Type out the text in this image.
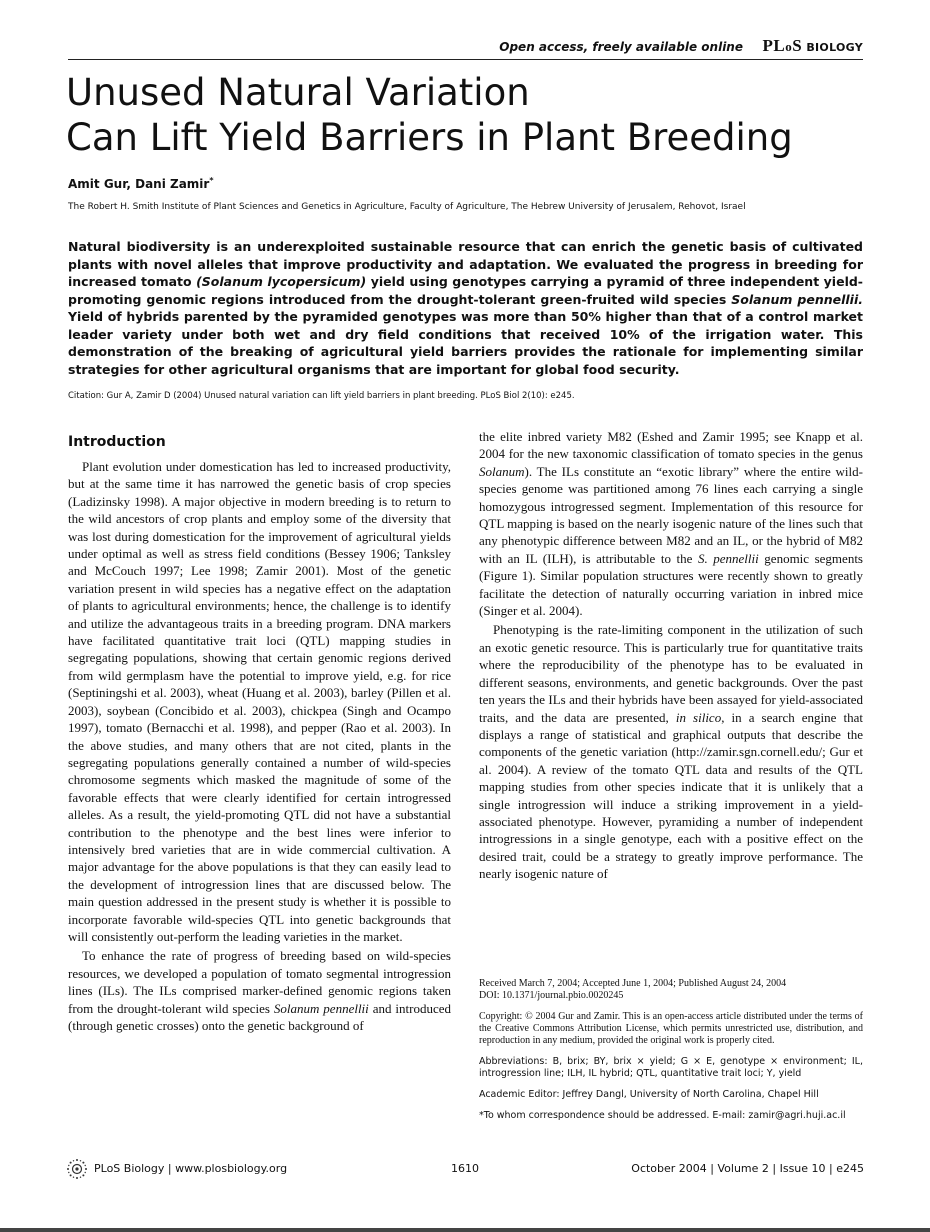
Open access, freely available online PLoS BIOLOGY
Unused Natural Variation
Can Lift Yield Barriers in Plant Breeding
Amit Gur, Dani Zamir*
The Robert H. Smith Institute of Plant Sciences and Genetics in Agriculture, Faculty of Agriculture, The Hebrew University of Jerusalem, Rehovot, Israel

Natural biodiversity is an underexploited sustainable resource that can enrich the genetic basis of cultivated plants with novel alleles that improve productivity and adaptation. We evaluated the progress in breeding for increased tomato (Solanum lycopersicum) yield using genotypes carrying a pyramid of three independent yield-promoting genomic regions introduced from the drought-tolerant green-fruited wild species Solanum pennellii. Yield of hybrids parented by the pyramided genotypes was more than 50% higher than that of a control market leader variety under both wet and dry field conditions that received 10% of the irrigation water. This demonstration of the breaking of agricultural yield barriers provides the rationale for implementing similar strategies for other agricultural organisms that are important for global food security.

Citation: Gur A, Zamir D (2004) Unused natural variation can lift yield barriers in plant breeding. PLoS Biol 2(10): e245.
Introduction

Plant evolution under domestication has led to increased productivity, but at the same time it has narrowed the genetic basis of crop species (Ladizinsky 1998). A major objective in modern breeding is to return to the wild ancestors of crop plants and employ some of the diversity that was lost during domestication for the improvement of agricultural yields under optimal as well as stress field conditions (Bessey 1906; Tanksley and McCouch 1997; Lee 1998; Zamir 2001). Most of the genetic variation present in wild species has a negative effect on the adaptation of plants to agricultural environments; hence, the challenge is to identify and utilize the advantageous traits in a breeding program. DNA markers have facilitated quantitative trait loci (QTL) mapping studies in segregating populations, showing that certain genomic regions derived from wild germplasm have the potential to improve yield, e.g. for rice (Septiningshi et al. 2003), wheat (Huang et al. 2003), barley (Pillen et al. 2003), soybean (Concibido et al. 2003), chickpea (Singh and Ocampo 1997), tomato (Bernacchi et al. 1998), and pepper (Rao et al. 2003). In the above studies, and many others that are not cited, plants in the segregating populations generally contained a number of wild-species chromosome segments which masked the magnitude of some of the favorable effects that were clearly identified for certain introgressed alleles. As a result, the yield-promoting QTL did not have a substantial contribution to the phenotype and the best lines were inferior to intensively bred varieties that are in wide commercial cultivation. A major advantage for the above populations is that they can easily lead to the development of introgression lines that are discussed below. The main question addressed in the present study is whether it is possible to incorporate favorable wild-species QTL into genetic backgrounds that will consistently out-perform the leading varieties in the market.

To enhance the rate of progress of breeding based on wild-species resources, we developed a population of tomato segmental introgression lines (ILs). The ILs comprised marker-defined genomic regions taken from the drought-tolerant wild species Solanum pennellii and introduced (through genetic crosses) onto the genetic background of

the elite inbred variety M82 (Eshed and Zamir 1995; see Knapp et al. 2004 for the new taxonomic classification of tomato species in the genus Solanum). The ILs constitute an “exotic library” where the entire wild-species genome was partitioned among 76 lines each carrying a single homozygous introgressed segment. Implementation of this resource for QTL mapping is based on the nearly isogenic nature of the lines such that any phenotypic difference between M82 and an IL, or the hybrid of M82 with an IL (ILH), is attributable to the S. pennellii genomic segments (Figure 1). Similar population structures were recently shown to greatly facilitate the detection of naturally occurring variation in inbred mice (Singer et al. 2004).

Phenotyping is the rate-limiting component in the utilization of such an exotic genetic resource. This is particularly true for quantitative traits where the reproducibility of the phenotype has to be evaluated in different seasons, environments, and genetic backgrounds. Over the past ten years the ILs and their hybrids have been assayed for yield-associated traits, and the data are presented, in silico, in a search engine that displays a range of statistical and graphical outputs that describe the components of the genetic variation (http://zamir.sgn.cornell.edu/; Gur et al. 2004). A review of the tomato QTL data and results of the QTL mapping studies from other species indicate that it is unlikely that a single introgression will induce a striking improvement in a yield-associated phenotype. However, pyramiding a number of independent introgressions in a single genotype, each with a positive effect on the desired trait, could be a strategy to greatly improve performance. The nearly isogenic nature of

Received March 7, 2004; Accepted June 1, 2004; Published August 24, 2004
DOI: 10.1371/journal.pbio.0020245

Copyright: © 2004 Gur and Zamir. This is an open-access article distributed under the terms of the Creative Commons Attribution License, which permits unrestricted use, distribution, and reproduction in any medium, provided the original work is properly cited.

Abbreviations: B, brix; BY, brix × yield; G × E, genotype × environment; IL, introgression line; ILH, IL hybrid; QTL, quantitative trait loci; Y, yield

Academic Editor: Jeffrey Dangl, University of North Carolina, Chapel Hill

*To whom correspondence should be addressed. E-mail: zamir@agri.huji.ac.il

PLoS Biology | www.plosbiology.org	1610	October 2004 | Volume 2 | Issue 10 | e245
